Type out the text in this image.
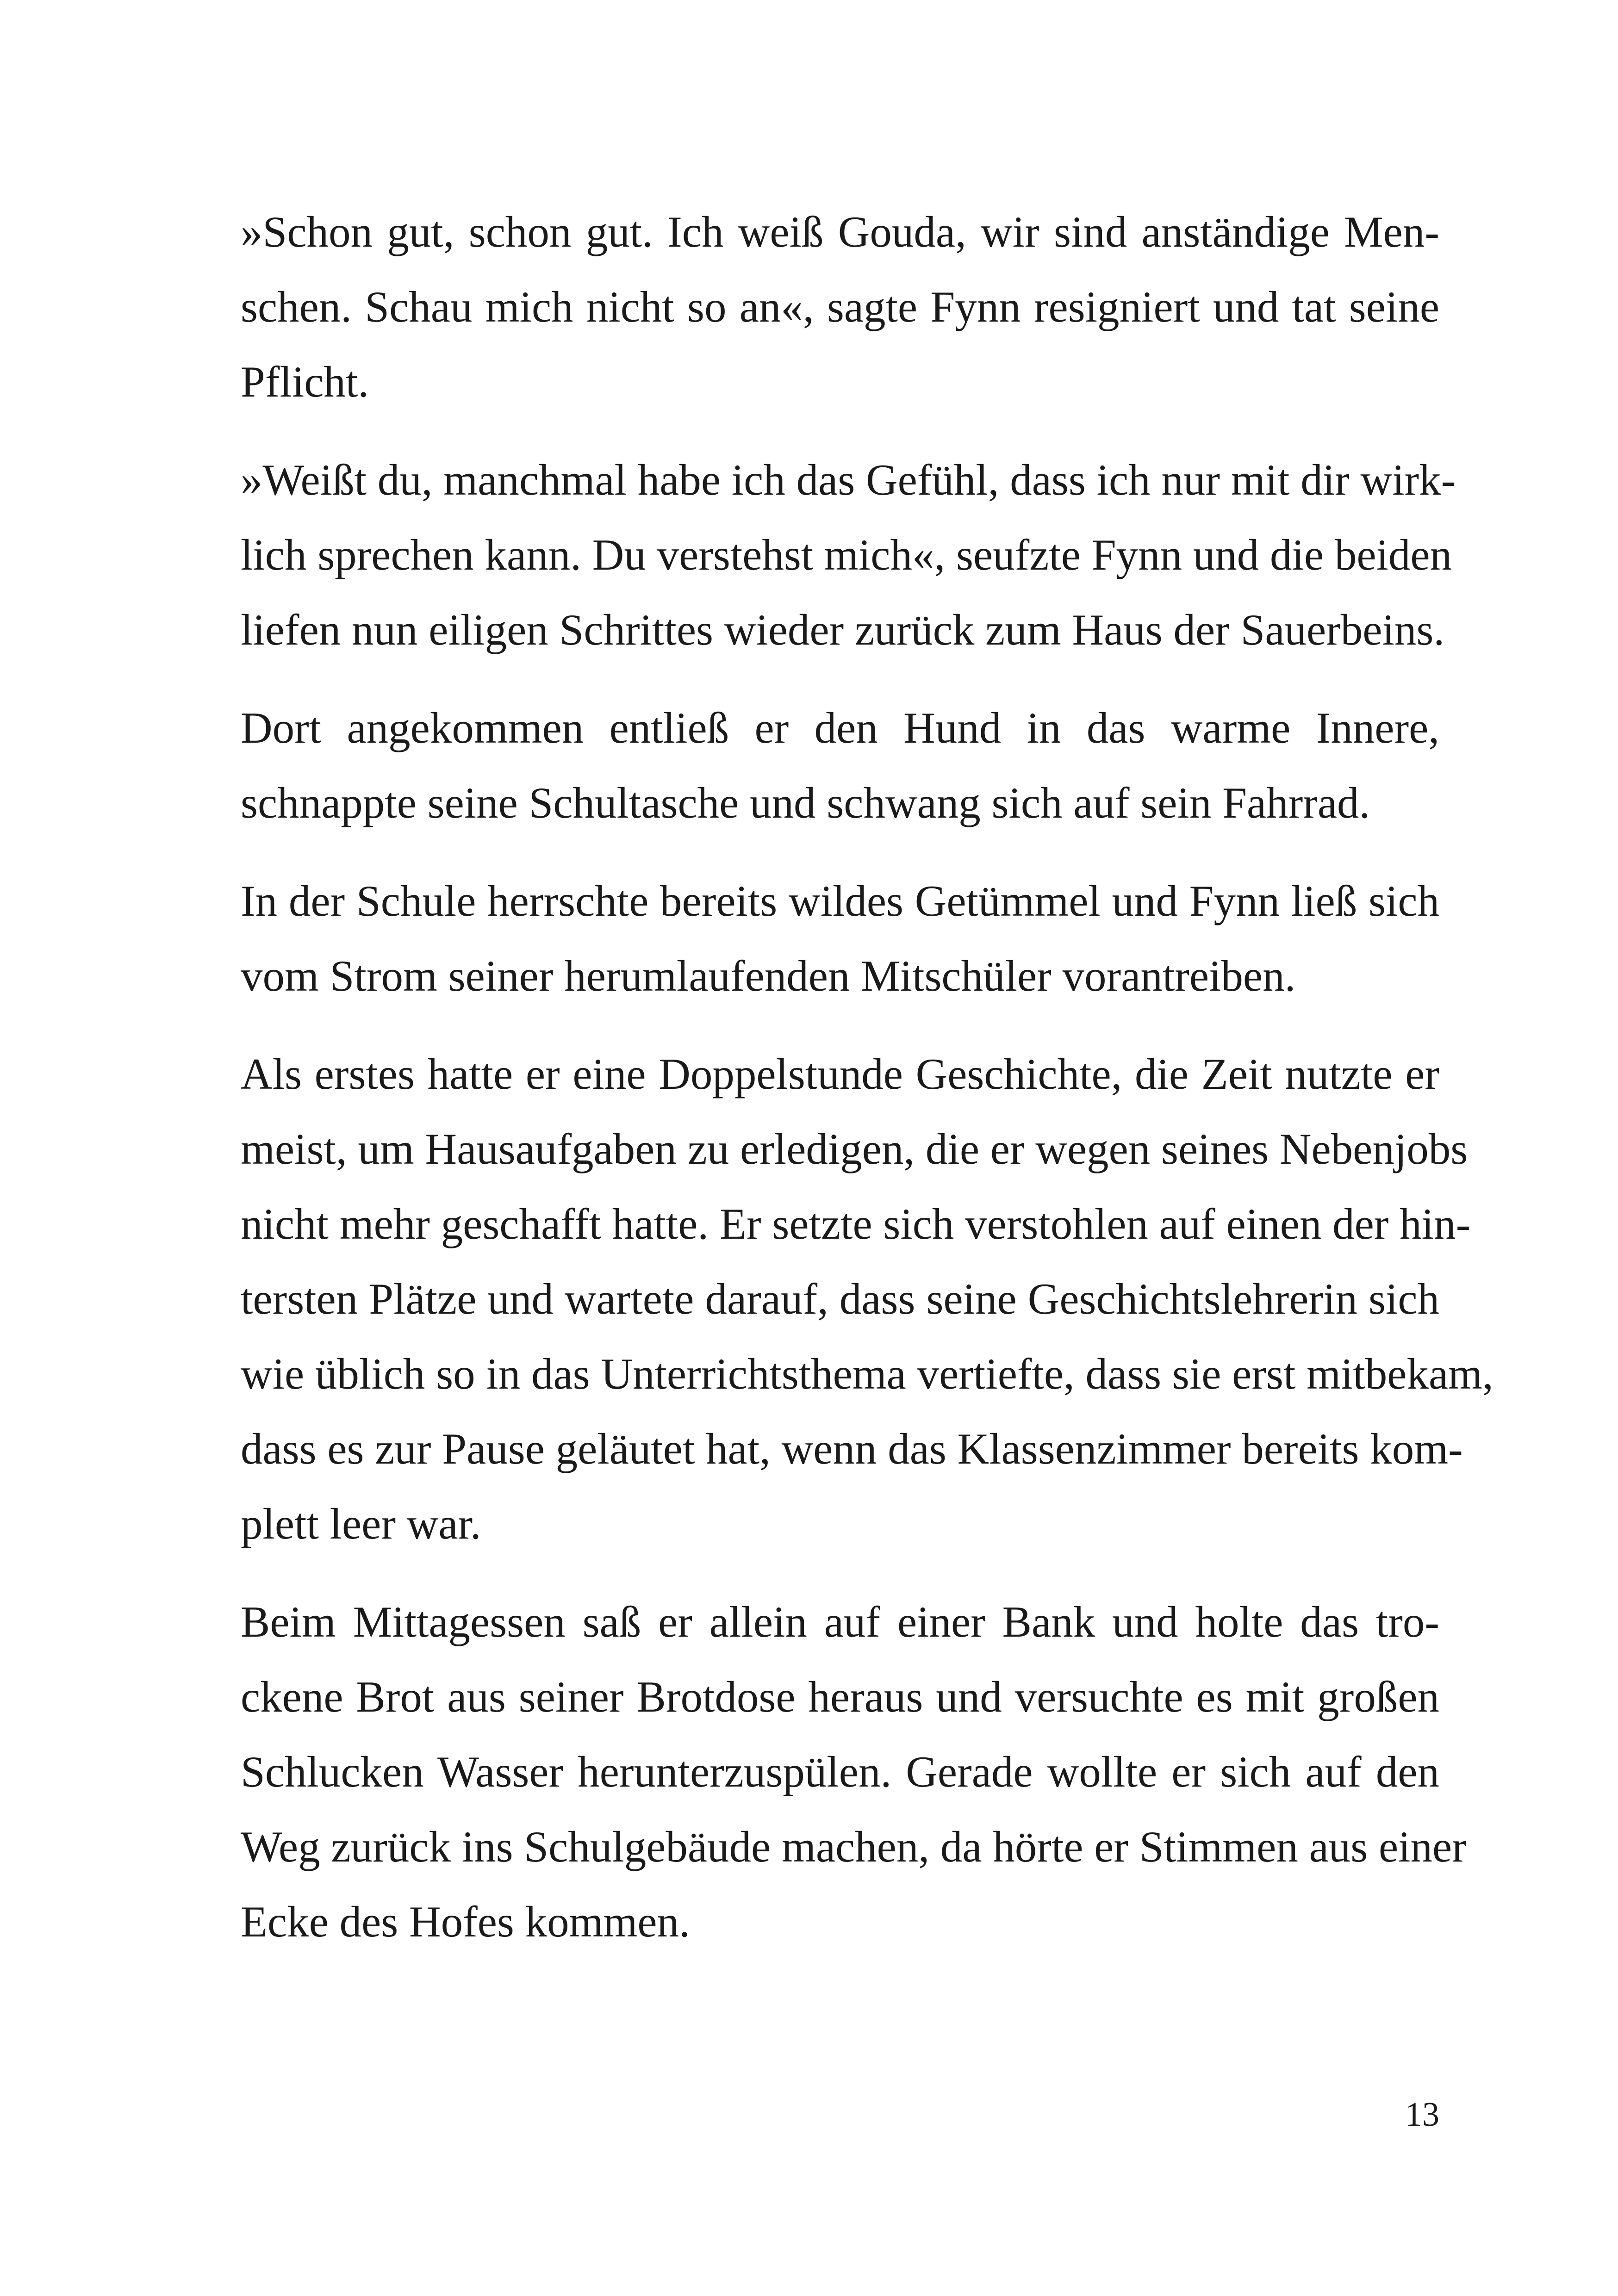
»Schon gut, schon gut. Ich weiß Gouda, wir sind anständige Men-
schen. Schau mich nicht so an«, sagte Fynn resigniert und tat seine
Pflicht.

»Weißt du, manchmal habe ich das Gefühl, dass ich nur mit dir wirk-
lich sprechen kann. Du verstehst mich«, seufzte Fynn und die beiden
liefen nun eiligen Schrittes wieder zurück zum Haus der Sauerbeins.

Dort angekommen entließ er den Hund in das warme Innere,
schnappte seine Schultasche und schwang sich auf sein Fahrrad.

In der Schule herrschte bereits wildes Getümmel und Fynn ließ sich
vom Strom seiner herumlaufenden Mitschüler vorantreiben.

Als erstes hatte er eine Doppelstunde Geschichte, die Zeit nutzte er
meist, um Hausaufgaben zu erledigen, die er wegen seines Nebenjobs
nicht mehr geschafft hatte. Er setzte sich verstohlen auf einen der hin-
tersten Plätze und wartete darauf, dass seine Geschichtslehrerin sich
wie üblich so in das Unterrichtsthema vertiefte, dass sie erst mitbekam,
dass es zur Pause geläutet hat, wenn das Klassenzimmer bereits kom-
plett leer war.

Beim Mittagessen saß er allein auf einer Bank und holte das tro-
ckene Brot aus seiner Brotdose heraus und versuchte es mit großen
Schlucken Wasser herunterzuspülen. Gerade wollte er sich auf den
Weg zurück ins Schulgebäude machen, da hörte er Stimmen aus einer
Ecke des Hofes kommen.

13
